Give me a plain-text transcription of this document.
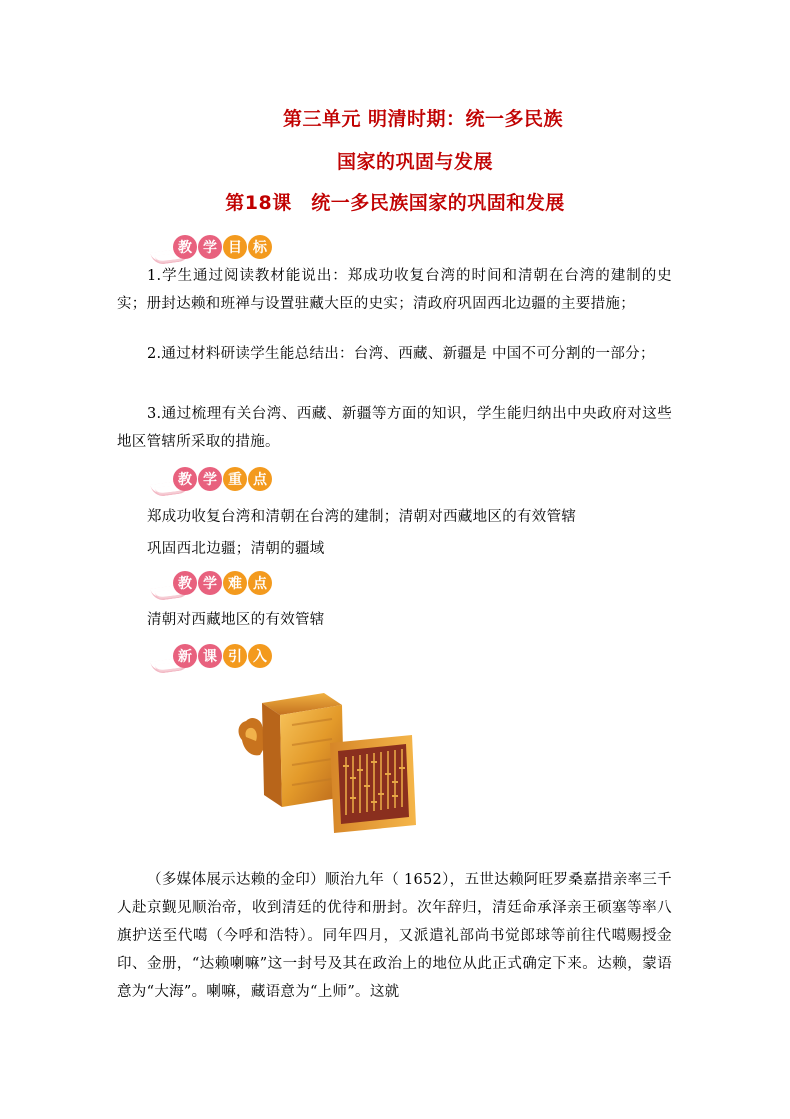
第三单元 明清时期：统一多民族
国家的巩固与发展
第18课　统一多民族国家的巩固和发展
教 学 目 标
1.学生通过阅读教材能说出：郑成功收复台湾的时间和清朝在台湾的建制的史实；册封达赖和班禅与设置驻藏大臣的史实；清政府巩固西北边疆的主要措施；
2.通过材料研读学生能总结出：台湾、西藏、新疆是 中国不可分割的一部分；
3.通过梳理有关台湾、西藏、新疆等方面的知识，学生能归纳出中央政府对这些地区管辖所采取的措施。
教 学 重 点
郑成功收复台湾和清朝在台湾的建制；清朝对西藏地区的有效管辖
巩固西北边疆；清朝的疆域
教 学 难 点
清朝对西藏地区的有效管辖
新 课 引 入
（多媒体展示达赖的金印）顺治九年（ 1652），五世达赖阿旺罗桑嘉措亲率三千人赴京觐见顺治帝，收到清廷的优待和册封。次年辞归，清廷命承泽亲王硕塞等率八旗护送至代噶（今呼和浩特）。同年四月，又派遣礼部尚书觉郎球等前往代噶赐授金印、金册，“达赖喇嘛”这一封号及其在政治上的地位从此正式确定下来。达赖，蒙语意为“大海”。喇嘛，藏语意为“上师”。这就
